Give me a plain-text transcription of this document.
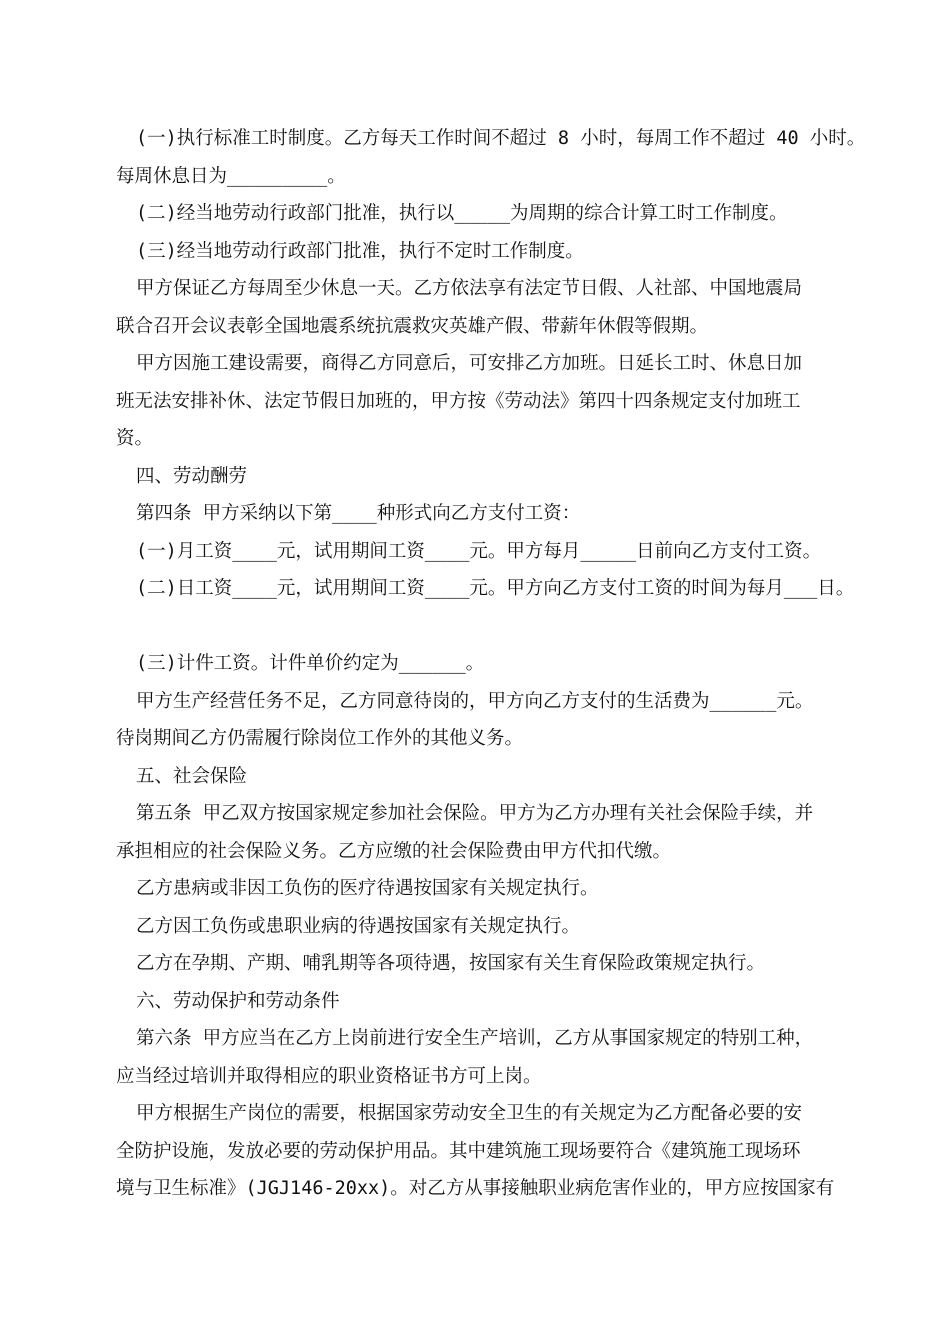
(一)执行标准工时制度。乙方每天工作时间不超过 8 小时，每周工作不超过 40 小时。
每周休息日为_________。
(二)经当地劳动行政部门批准，执行以_____为周期的综合计算工时工作制度。
(三)经当地劳动行政部门批准，执行不定时工作制度。
甲方保证乙方每周至少休息一天。乙方依法享有法定节日假、人社部、中国地震局
联合召开会议表彰全国地震系统抗震救灾英雄产假、带薪年休假等假期。
甲方因施工建设需要，商得乙方同意后，可安排乙方加班。日延长工时、休息日加
班无法安排补休、法定节假日加班的，甲方按《劳动法》第四十四条规定支付加班工
资。
四、劳动酬劳
第四条 甲方采纳以下第____种形式向乙方支付工资：
(一)月工资____元，试用期间工资____元。甲方每月_____日前向乙方支付工资。
(二)日工资____元，试用期间工资____元。甲方向乙方支付工资的时间为每月___日。
(三)计件工资。计件单价约定为______。
甲方生产经营任务不足，乙方同意待岗的，甲方向乙方支付的生活费为______元。
待岗期间乙方仍需履行除岗位工作外的其他义务。
五、社会保险
第五条 甲乙双方按国家规定参加社会保险。甲方为乙方办理有关社会保险手续，并
承担相应的社会保险义务。乙方应缴的社会保险费由甲方代扣代缴。
乙方患病或非因工负伤的医疗待遇按国家有关规定执行。
乙方因工负伤或患职业病的待遇按国家有关规定执行。
乙方在孕期、产期、哺乳期等各项待遇，按国家有关生育保险政策规定执行。
六、劳动保护和劳动条件
第六条 甲方应当在乙方上岗前进行安全生产培训，乙方从事国家规定的特别工种，
应当经过培训并取得相应的职业资格证书方可上岗。
甲方根据生产岗位的需要，根据国家劳动安全卫生的有关规定为乙方配备必要的安
全防护设施，发放必要的劳动保护用品。其中建筑施工现场要符合《建筑施工现场环
境与卫生标准》(JGJ146-20xx)。对乙方从事接触职业病危害作业的，甲方应按国家有
